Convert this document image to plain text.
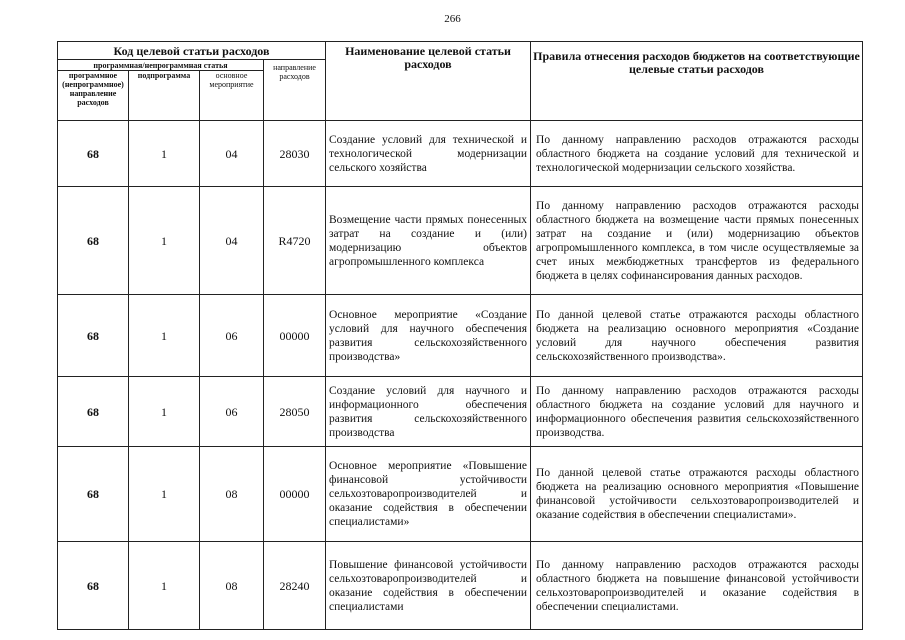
266
Код целевой статьи расходов				Наименование целевой статьи расходов	Правила отнесения расходов бюджетов на соответствующие целевые статьи расходов
программная/непрограммная статья			направление расходов		
программное (непрограммное) направление расходов	подпрограмма	основное мероприятие			
68	1	04	28030	Создание условий для технической и технологической модернизации сельского хозяйства	По данному направлению расходов отражаются расходы областного бюджета на создание условий для технической и технологической модернизации сельского хозяйства.
68	1	04	R4720	Возмещение части прямых понесенных затрат на создание и (или) модернизацию объектов агропромышленного комплекса	По данному направлению расходов отражаются расходы областного бюджета на возмещение части прямых понесенных затрат на создание и (или) модернизацию объектов агропромышленного комплекса, в том числе осуществляемые за счет иных межбюджетных трансфертов из федерального бюджета в целях софинансирования данных расходов.
68	1	06	00000	Основное мероприятие «Создание условий для научного обеспечения развития сельскохозяйственного производства»	По данной целевой статье отражаются расходы областного бюджета на реализацию основного мероприятия «Создание условий для научного обеспечения развития сельскохозяйственного производства».
68	1	06	28050	Создание условий для научного и информационного обеспечения развития сельскохозяйственного производства	По данному направлению расходов отражаются расходы областного бюджета на создание условий для научного и информационного обеспечения развития сельскохозяйственного производства.
68	1	08	00000	Основное мероприятие «Повышение финансовой устойчивости сельхозтоваропроизводителей и оказание содействия в обеспечении специалистами»	По данной целевой статье отражаются расходы областного бюджета на реализацию основного мероприятия «Повышение финансовой устойчивости сельхозтоваропроизводителей и оказание содействия в обеспечении специалистами».
68	1	08	28240	Повышение финансовой устойчивости сельхозтоваропроизводителей и оказание содействия в обеспечении специалистами	По данному направлению расходов отражаются расходы областного бюджета на повышение финансовой устойчивости сельхозтоваропроизводителей и оказание содействия в обеспечении специалистами.
